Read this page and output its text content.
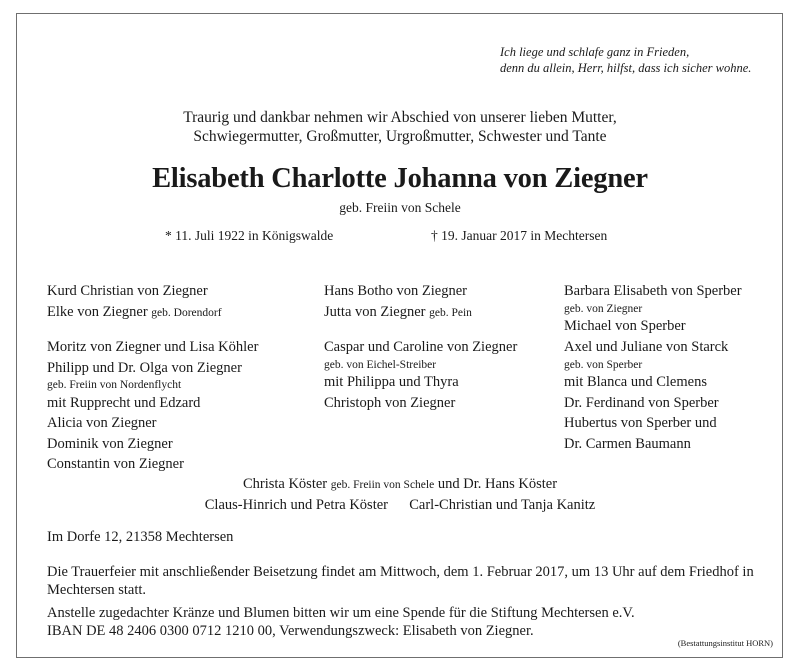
Ich liege und schlafe ganz in Frieden,
denn du allein, Herr, hilfst, dass ich sicher wohne.
Traurig und dankbar nehmen wir Abschied von unserer lieben Mutter,
Schwiegermutter, Großmutter, Urgroßmutter, Schwester und Tante
Elisabeth Charlotte Johanna von Ziegner
geb. Freiin von Schele
* 11. Juli 1922 in Königswalde	† 19. Januar 2017 in Mechtersen
Kurd Christian von Ziegner
Elke von Ziegner geb. Dorendorf
Moritz von Ziegner und Lisa Köhler
Philipp und Dr. Olga von Ziegner
geb. Freiin von Nordenflycht
mit Rupprecht und Edzard
Alicia von Ziegner
Dominik von Ziegner
Constantin von Ziegner
Hans Botho von Ziegner
Jutta von Ziegner geb. Pein
Caspar und Caroline von Ziegner
geb. von Eichel-Streiber
mit Philippa und Thyra
Christoph von Ziegner
Barbara Elisabeth von Sperber
geb. von Ziegner
Michael von Sperber
Axel und Juliane von Starck
geb. von Sperber
mit Blanca und Clemens
Dr. Ferdinand von Sperber
Hubertus von Sperber und
Dr. Carmen Baumann
Christa Köster geb. Freiin von Schele und Dr. Hans Köster
Claus-Hinrich und Petra Köster Carl-Christian und Tanja Kanitz
Im Dorfe 12, 21358 Mechtersen
Die Trauerfeier mit anschließender Beisetzung findet am Mittwoch, dem 1. Februar 2017, um 13 Uhr auf dem Friedhof in Mechtersen statt.
Anstelle zugedachter Kränze und Blumen bitten wir um eine Spende für die Stiftung Mechtersen e.V.
IBAN DE 48 2406 0300 0712 1210 00, Verwendungszweck: Elisabeth von Ziegner.
(Bestattungsinstitut HORN)
